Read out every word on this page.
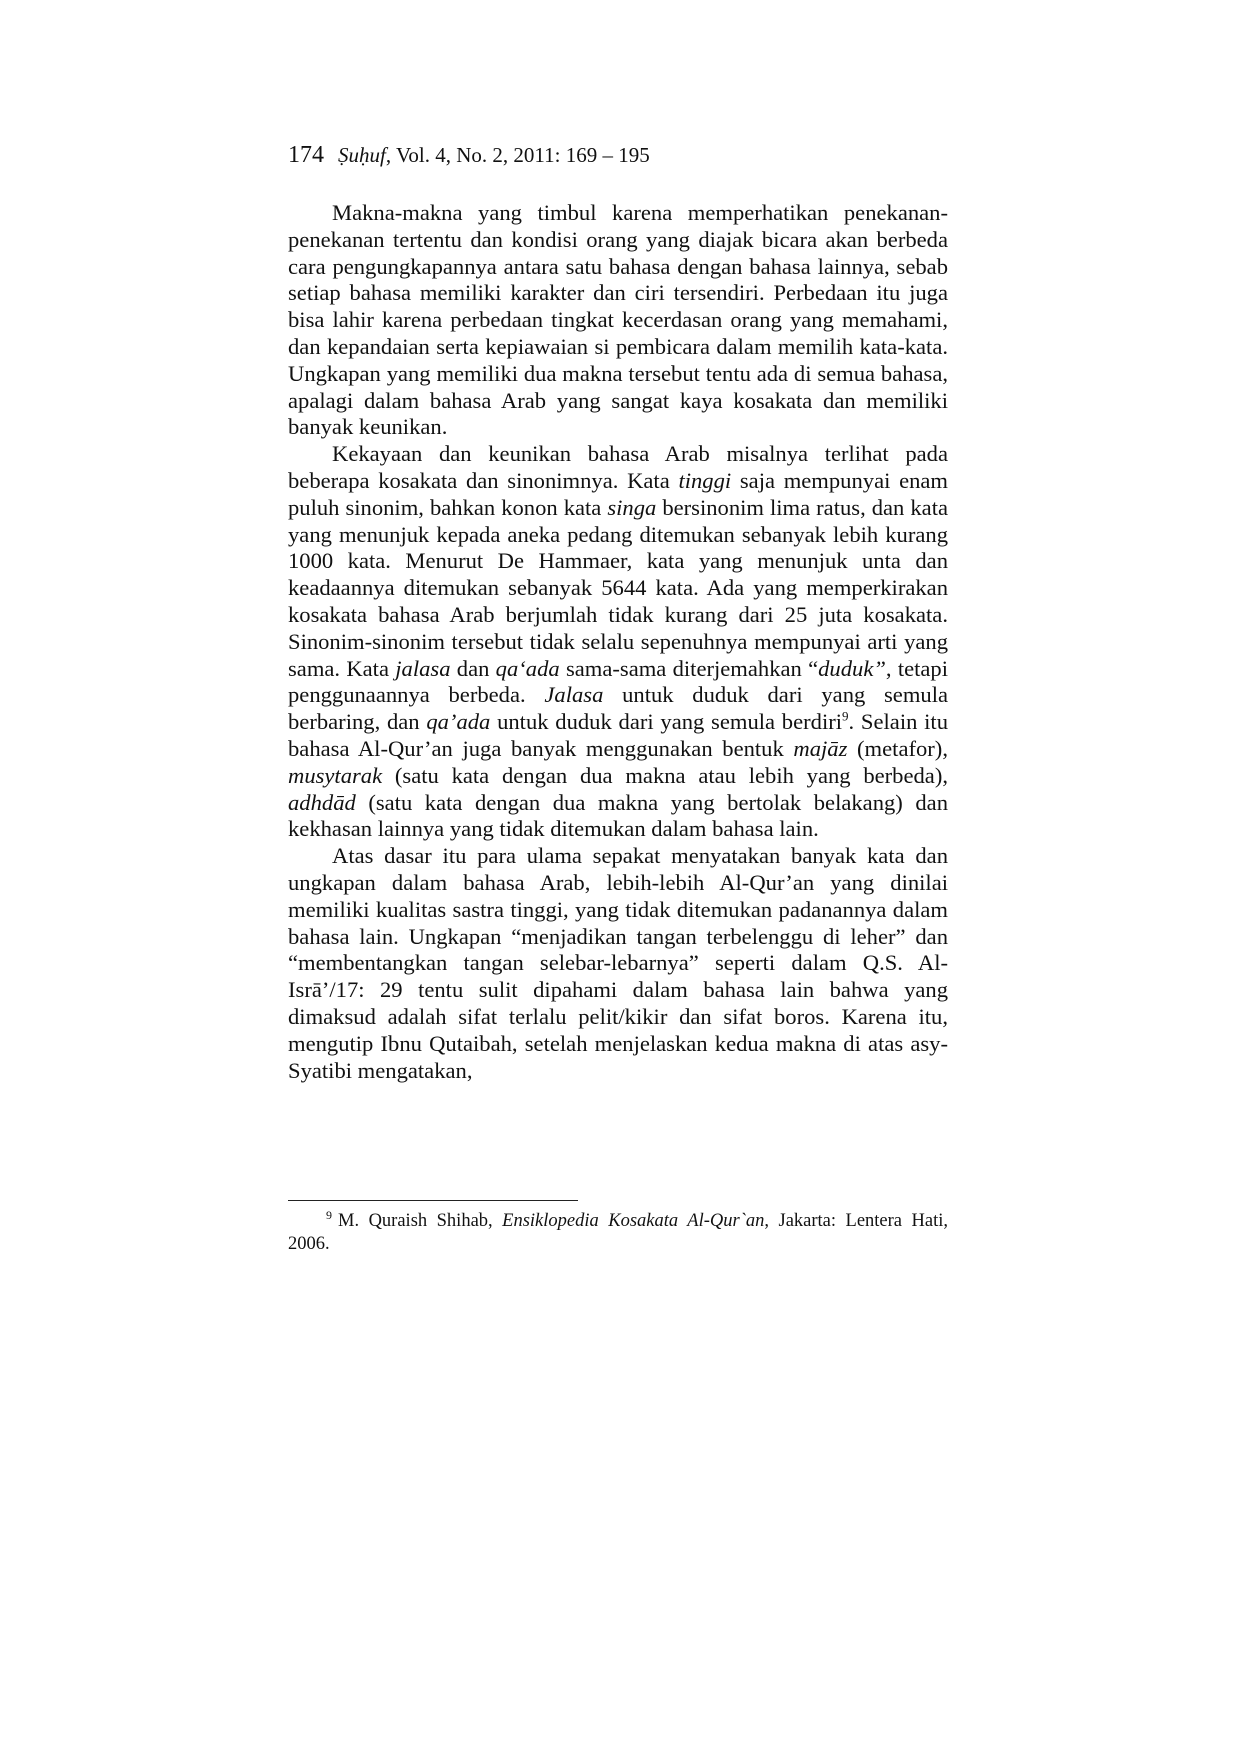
174 Ṣuḥuf, Vol. 4, No. 2, 2011: 169 – 195

Makna-makna yang timbul karena memperhatikan penekanan-penekanan tertentu dan kondisi orang yang diajak bicara akan berbeda cara pengungkapannya antara satu bahasa dengan bahasa lainnya, sebab setiap bahasa memiliki karakter dan ciri tersendiri. Perbedaan itu juga bisa lahir karena perbedaan tingkat kecerdasan orang yang memahami, dan kepandaian serta kepiawaian si pembicara dalam memilih kata-kata. Ungkapan yang memiliki dua makna tersebut tentu ada di semua bahasa, apalagi dalam bahasa Arab yang sangat kaya kosakata dan memiliki banyak keunikan.

Kekayaan dan keunikan bahasa Arab misalnya terlihat pada beberapa kosakata dan sinonimnya. Kata tinggi saja mempunyai enam puluh sinonim, bahkan konon kata singa bersinonim lima ratus, dan kata yang menunjuk kepada aneka pedang ditemukan sebanyak lebih kurang 1000 kata. Menurut De Hammaer, kata yang menunjuk unta dan keadaannya ditemukan sebanyak 5644 kata. Ada yang memperkirakan kosakata bahasa Arab berjumlah tidak kurang dari 25 juta kosakata. Sinonim-sinonim tersebut tidak selalu sepenuhnya mempunyai arti yang sama. Kata jalasa dan qa‘ada sama-sama diterjemahkan “duduk”, tetapi penggunaannya berbeda. Jalasa untuk duduk dari yang semula berbaring, dan qa’ada untuk duduk dari yang semula berdiri$^9$. Selain itu bahasa Al-Qur’an juga banyak menggunakan bentuk majāz (metafor), musytarak (satu kata dengan dua makna atau lebih yang berbeda), adhdād (satu kata dengan dua makna yang bertolak belakang) dan kekhasan lainnya yang tidak ditemukan dalam bahasa lain.

Atas dasar itu para ulama sepakat menyatakan banyak kata dan ungkapan dalam bahasa Arab, lebih-lebih Al-Qur’an yang dinilai memiliki kualitas sastra tinggi, yang tidak ditemukan padanannya dalam bahasa lain. Ungkapan “menjadikan tangan terbelenggu di leher” dan “membentangkan tangan selebar-lebarnya” seperti dalam Q.S. Al-Isrā’/17: 29 tentu sulit dipahami dalam bahasa lain bahwa yang dimaksud adalah sifat terlalu pelit/kikir dan sifat boros. Karena itu, mengutip Ibnu Qutaibah, setelah menjelaskan kedua makna di atas asy-Syatibi mengatakan,

$^9$ M. Quraish Shihab, Ensiklopedia Kosakata Al-Qur`an, Jakarta: Lentera Hati, 2006.
